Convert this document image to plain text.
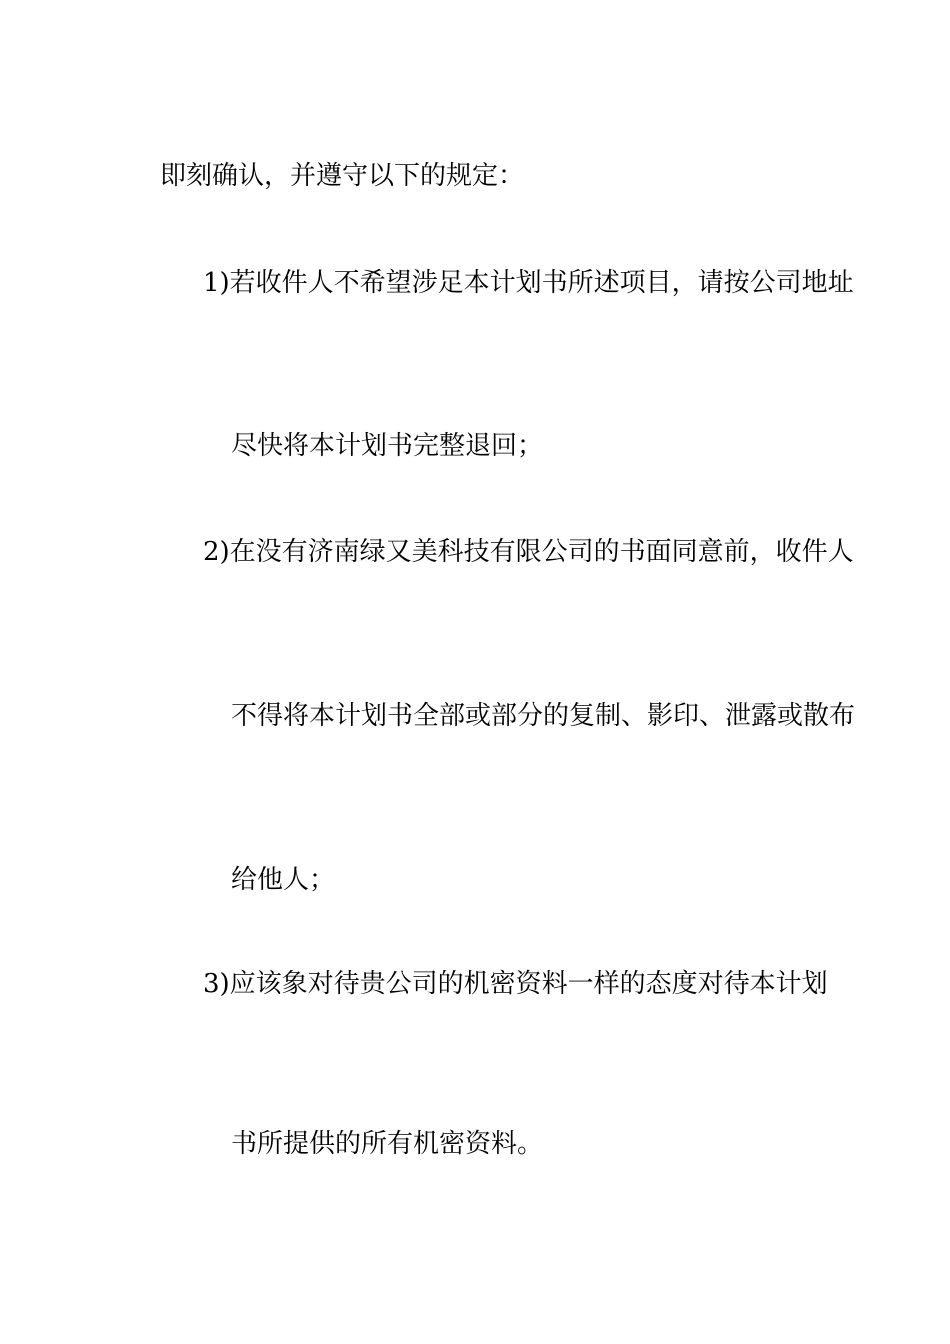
即刻确认，并遵守以下的规定：

1)若收件人不希望涉足本计划书所述项目，请按公司地址

尽快将本计划书完整退回；

2)在没有济南绿又美科技有限公司的书面同意前，收件人

不得将本计划书全部或部分的复制、影印、泄露或散布

给他人；

3)应该象对待贵公司的机密资料一样的态度对待本计划

书所提供的所有机密资料。
